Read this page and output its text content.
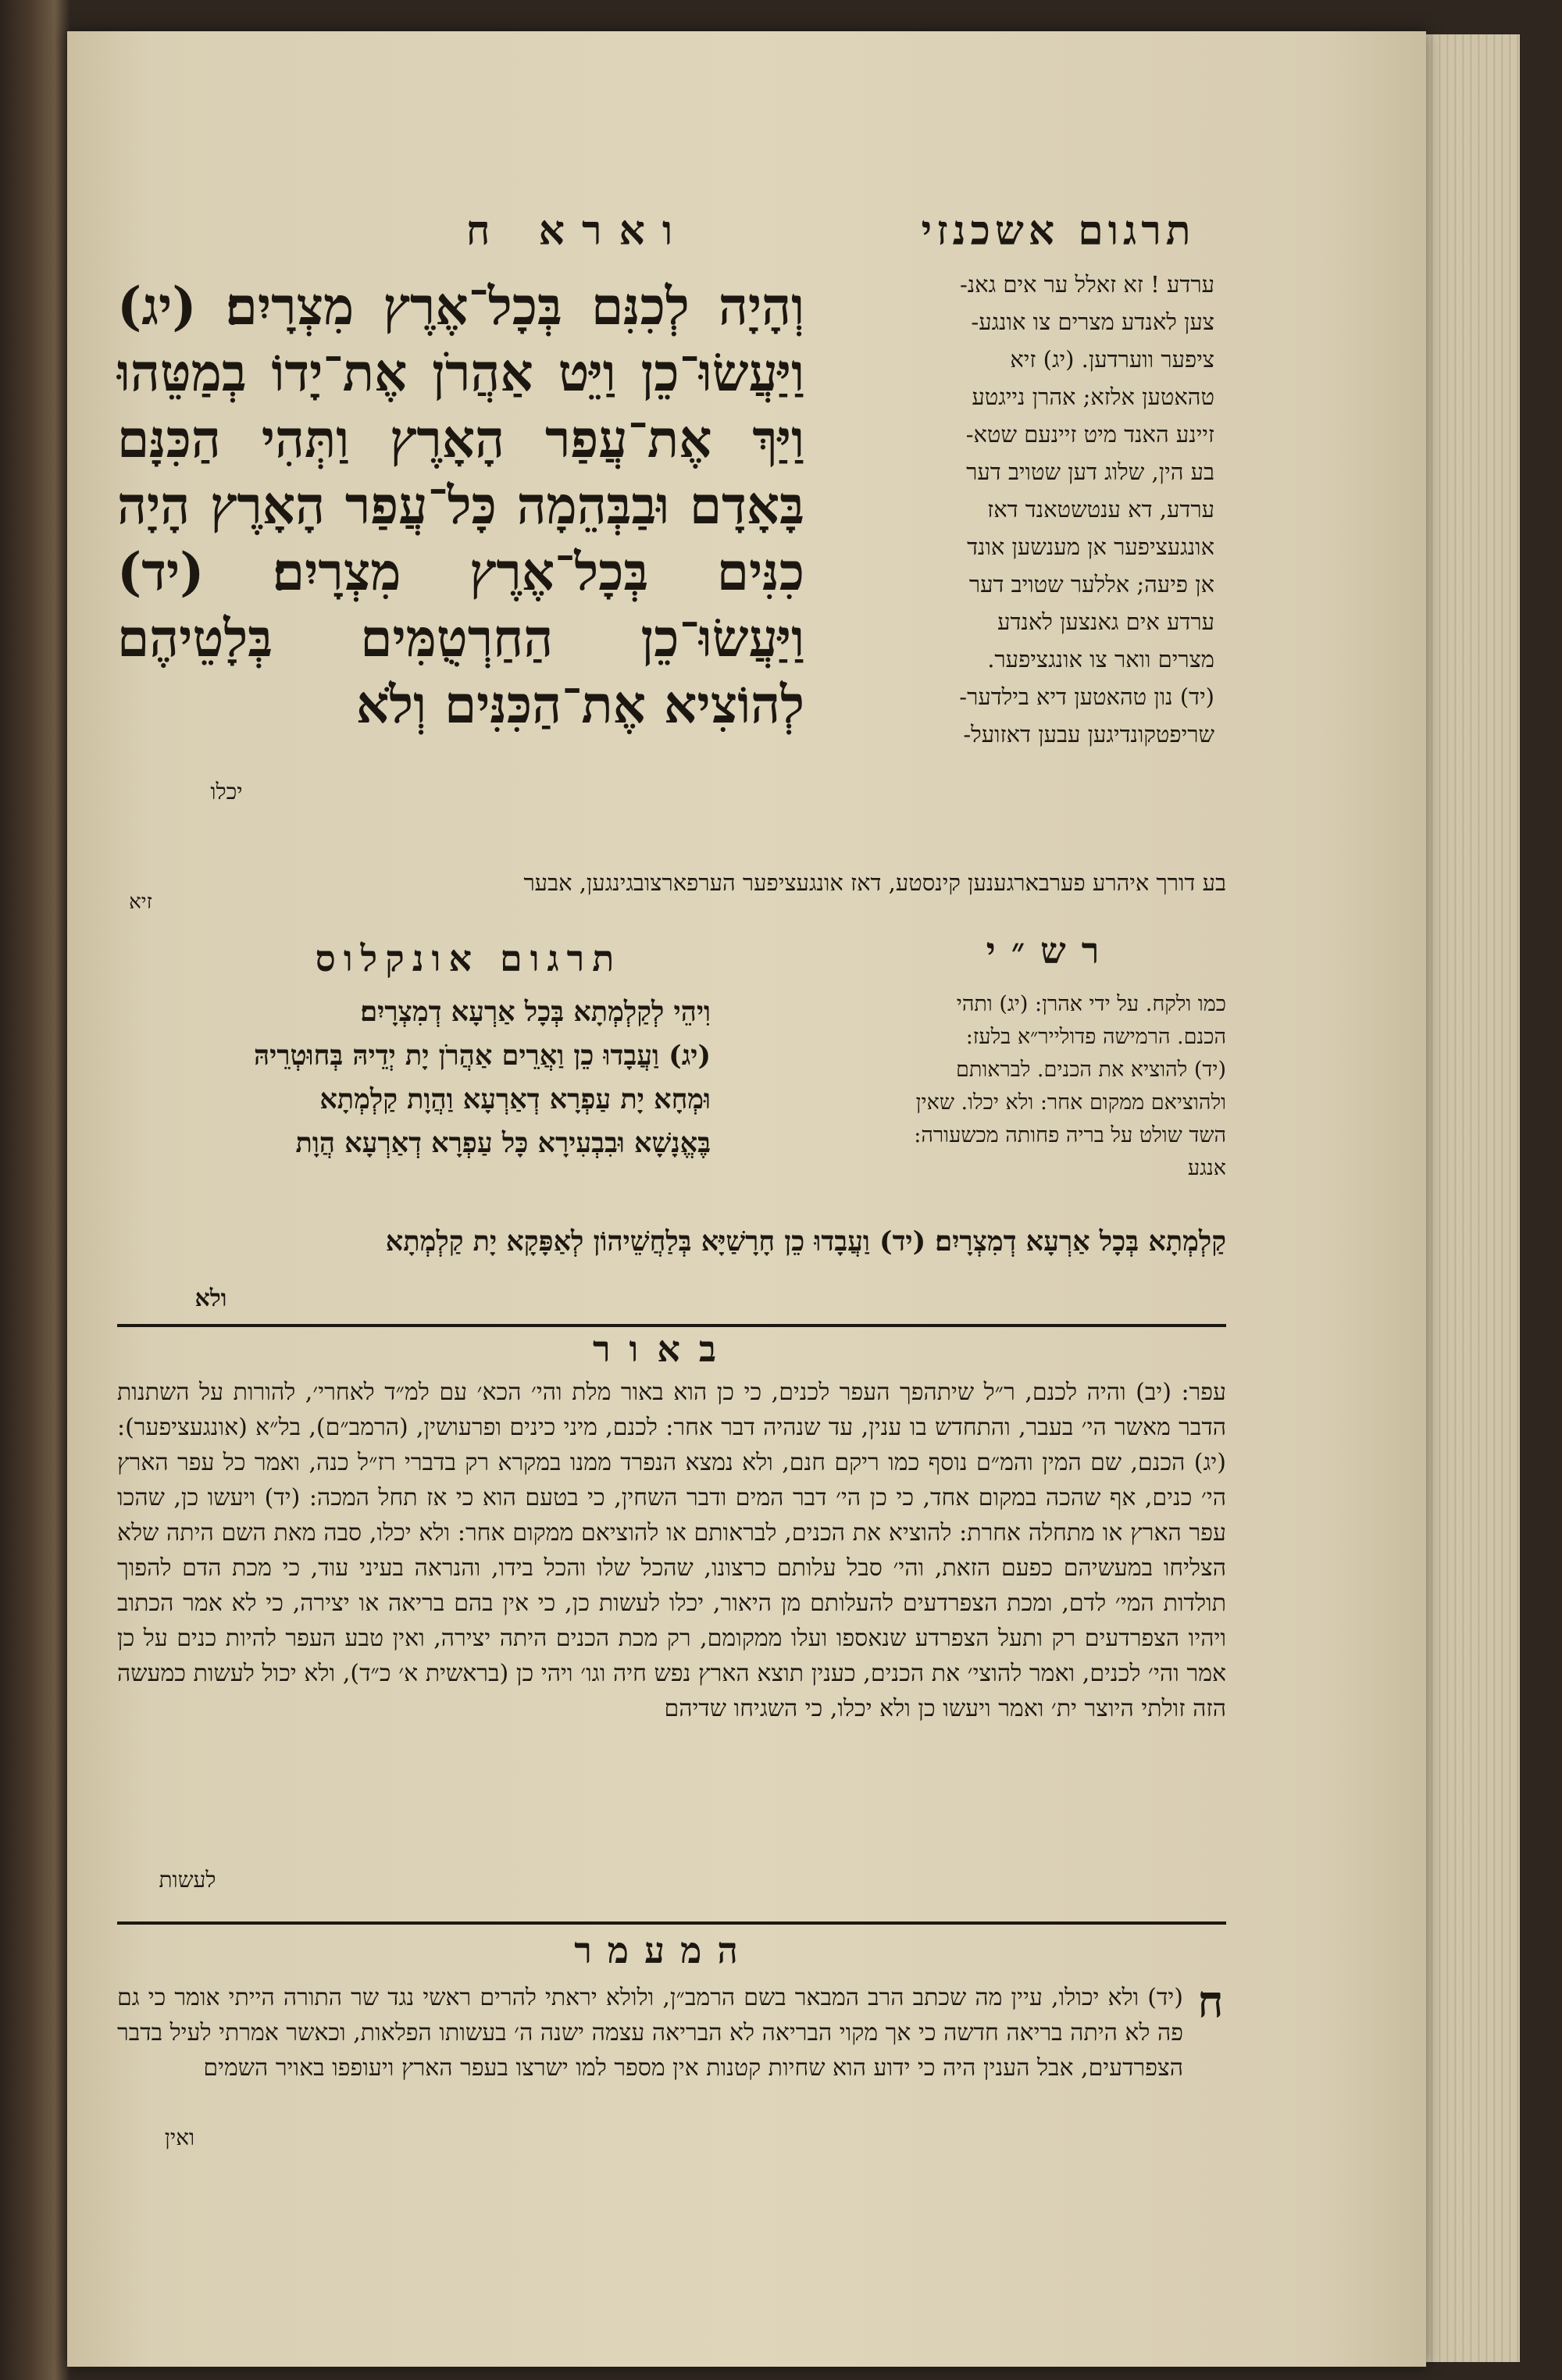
תרגום אשכנזי
וארא ח
ערדע ! זא זאלל ער אים גאנ-
צען לאנדע מצרים צו אונגע-
ציפער ווערדען. (יג) זיא
טהאטען אלזא; אהרן נייגטע
זיינע האנד מיט זיינעם שטא-
בע הין, שלוג דען שטויב דער
ערדע, דא ענטשטאנד דאז
אונגעציפער אן מענשען אונד
אן פיעה; אללער שטויב דער
ערדע אים גאנצען לאנדע
מצרים וואר צו אונגציפער.
(יד) נון טהאטען דיא בילדער-
שריפטקונדיגען עבען דאזועל-
וְהָיָה לְכִנִּם בְּכָל־אֶרֶץ מִצְרָיִם׃ (יג) וַיַּעֲשׂוּ־כֵן וַיֵּט אַהֲרֹן אֶת־יָדוֹ בְמַטֵּהוּ וַיַּךְ אֶת־עֲפַר הָאָרֶץ וַתְּהִי הַכִּנָּם בָּאָדָם וּבַבְּהֵמָה כָּל־עֲפַר הָאָרֶץ הָיָה כִנִּים בְּכָל־אֶרֶץ מִצְרָיִם׃ (יד) וַיַּעֲשׂוּ־כֵן הַחַרְטֻמִּים בְּלָטֵיהֶם לְהוֹצִיא אֶת־הַכִּנִּים וְלֹא
יכלו
בע דורך איהרע פערבארגענען קינסטע, דאז אונגעציפער הערפארצובגינגען, אבער
זיא
רש״י
תרגום אונקלוס
כמו ולקח. על ידי אהרן: (יג) ותהי
הכנם. הרמישה פדולייר״א בלעז:
(יד) להוציא את הכנים. לבראותם
ולהוציאם ממקום אחר: ולא יכלו. שאין
השד שולט על בריה פחותה מכשעורה:
אנגע
וִיהֵי לְקַלְמְתָא בְּכָל אַרְעָא דְמִצְרָיִם׃
(יג) וַעֲבָדוּ כֵן וַאֲרֵים אַהֲרֹן יָת יְדֵיהּ בְּחוּטְרֵיהּ
וּמְחָא יָת עַפְרָא דְאַרְעָא וַהֲוָת קַלְמְתָא
בֶּאֱנָשָׁא וּבִבְעִירָא כָּל עַפְרָא דְאַרְעָא הֲוָת
קַלְמְתָא בְּכָל אַרְעָא דְמִצְרָיִם׃ (יד) וַעֲבָדוּ כֵן חָרָשַׁיָּא בְּלַחֲשֵׁיהוֹן לְאַפָּקָא יָת קַלְמְתָא
ולא
באור
עפר: (יב) והיה לכנם, ר״ל שיתהפך העפר לכנים, כי כן הוא באור מלת והי׳ הכא׳ עם למ״ד לאחרי׳, להורות על השתנות הדבר מאשר הי׳ בעבר, והתחדש בו ענין, עד שנהיה דבר אחר: לכנם, מיני כינים ופרעושין, (הרמב״ם), בל״א (אונגעציפער): (יג) הכנם, שם המין והמ״ם נוסף כמו ריקם חנם, ולא נמצא הנפרד ממנו במקרא רק בדברי רז״ל כנה, ואמר כל עפר הארץ הי׳ כנים, אף שהכה במקום אחד, כי כן הי׳ דבר המים ודבר השחין, כי בטעם הוא כי אז תחל המכה: (יד) ויעשו כן, שהכו עפר הארץ או מתחלה אחרת: להוציא את הכנים, לבראותם או להוציאם ממקום אחר: ולא יכלו, סבה מאת השם היתה שלא הצליחו במעשיהם כפעם הזאת, והי׳ סבל עלותם כרצונו, שהכל שלו והכל בידו, והנראה בעיני עוד, כי מכת הדם להפוך תולדות המי׳ לדם, ומכת הצפרדעים להעלותם מן היאור, יכלו לעשות כן, כי אין בהם בריאה או יצירה, כי לא אמר הכתוב ויהיו הצפרדעים רק ותעל הצפרדע שנאספו ועלו ממקומם, רק מכת הכנים היתה יצירה, ואין טבע העפר להיות כנים על כן אמר והי׳ לכנים, ואמר להוצי׳ את הכנים, כענין תוצא הארץ נפש חיה וגו׳ ויהי כן (בראשית א׳ כ״ד), ולא יכול לעשות כמעשה הזה זולתי היוצר ית׳ ואמר ויעשו כן ולא יכלו, כי השגיחו שדיהם
לעשות
המעמר
ח
(יד) ולא יכולו, עיין מה שכתב הרב המבאר בשם הרמב״ן, ולולא יראתי להרים ראשי נגד שר התורה הייתי אומר כי גם פה לא היתה בריאה חדשה כי אך מקוי הבריאה לא הבריאה עצמה ישנה ה׳ בעשותו הפלאות, וכאשר אמרתי לעיל בדבר הצפרדעים, אבל הענין היה כי ידוע הוא שחיות קטנות אין מספר למו ישרצו בעפר הארץ ויעופפו באויר השמים
ואין
